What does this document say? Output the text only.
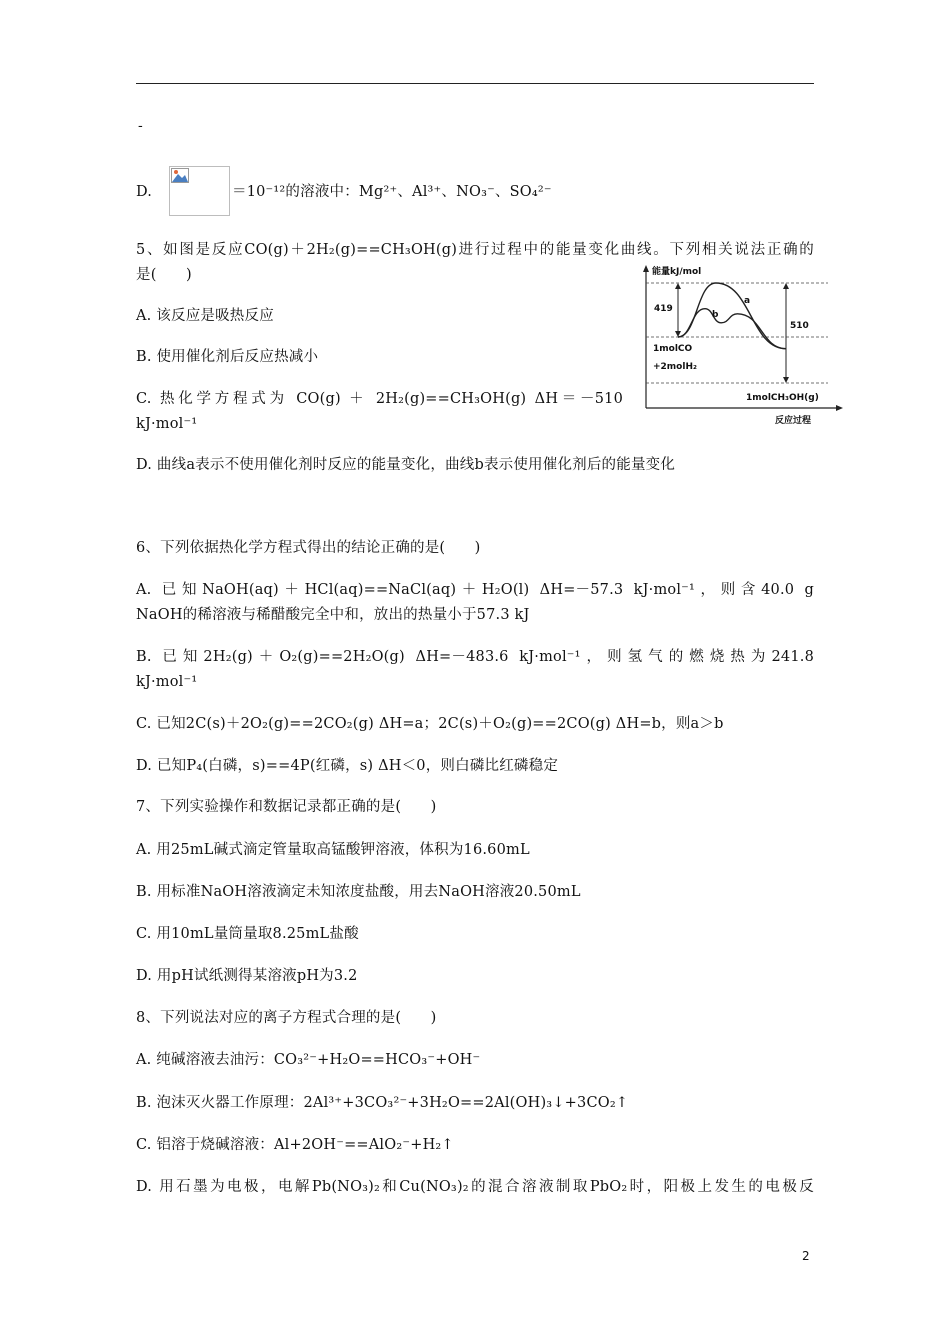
-
D.	＝10⁻¹²的溶液中：Mg²⁺、Al³⁺、NO₃⁻、SO₄²⁻
5、如图是反应CO(g)＋2H₂(g)==CH₃OH(g)进行过程中的能量变化曲线。下列相关说法正确的
是(　　)
A. 该反应是吸热反应
B. 使用催化剂后反应热减小
C. 热化学方程式为 CO(g) ＋ 2H₂(g)==CH₃OH(g) ΔH＝－510
kJ·mol⁻¹
D. 曲线a表示不使用催化剂时反应的能量变化，曲线b表示使用催化剂后的能量变化
能量kJ/mol
419
510
a
b
1molCO
+2molH₂
1molCH₃OH(g)
反应过程
6、下列依据热化学方程式得出的结论正确的是(　　)
A. 已知NaOH(aq)＋HCl(aq)==NaCl(aq)＋H₂O(l) ΔH=－57.3 kJ·mol⁻¹，则含40.0 g
NaOH的稀溶液与稀醋酸完全中和，放出的热量小于57.3 kJ
B. 已知2H₂(g)＋O₂(g)==2H₂O(g) ΔH=－483.6 kJ·mol⁻¹，则氢气的燃烧热为241.8
kJ·mol⁻¹
C. 已知2C(s)＋2O₂(g)==2CO₂(g) ΔH=a；2C(s)＋O₂(g)==2CO(g) ΔH=b，则a＞b
D. 已知P₄(白磷，s)==4P(红磷，s) ΔH＜0，则白磷比红磷稳定
7、下列实验操作和数据记录都正确的是(　　)
A. 用25mL碱式滴定管量取高锰酸钾溶液，体积为16.60mL
B. 用标准NaOH溶液滴定未知浓度盐酸，用去NaOH溶液20.50mL
C. 用10mL量筒量取8.25mL盐酸
D. 用pH试纸测得某溶液pH为3.2
8、下列说法对应的离子方程式合理的是(　　)
A. 纯碱溶液去油污：CO₃²⁻+H₂O==HCO₃⁻+OH⁻
B. 泡沫灭火器工作原理：2Al³⁺+3CO₃²⁻+3H₂O==2Al(OH)₃↓+3CO₂↑
C. 铝溶于烧碱溶液：Al+2OH⁻==AlO₂⁻+H₂↑
D. 用石墨为电极，电解Pb(NO₃)₂和Cu(NO₃)₂的混合溶液制取PbO₂时，阳极上发生的电极反
2
